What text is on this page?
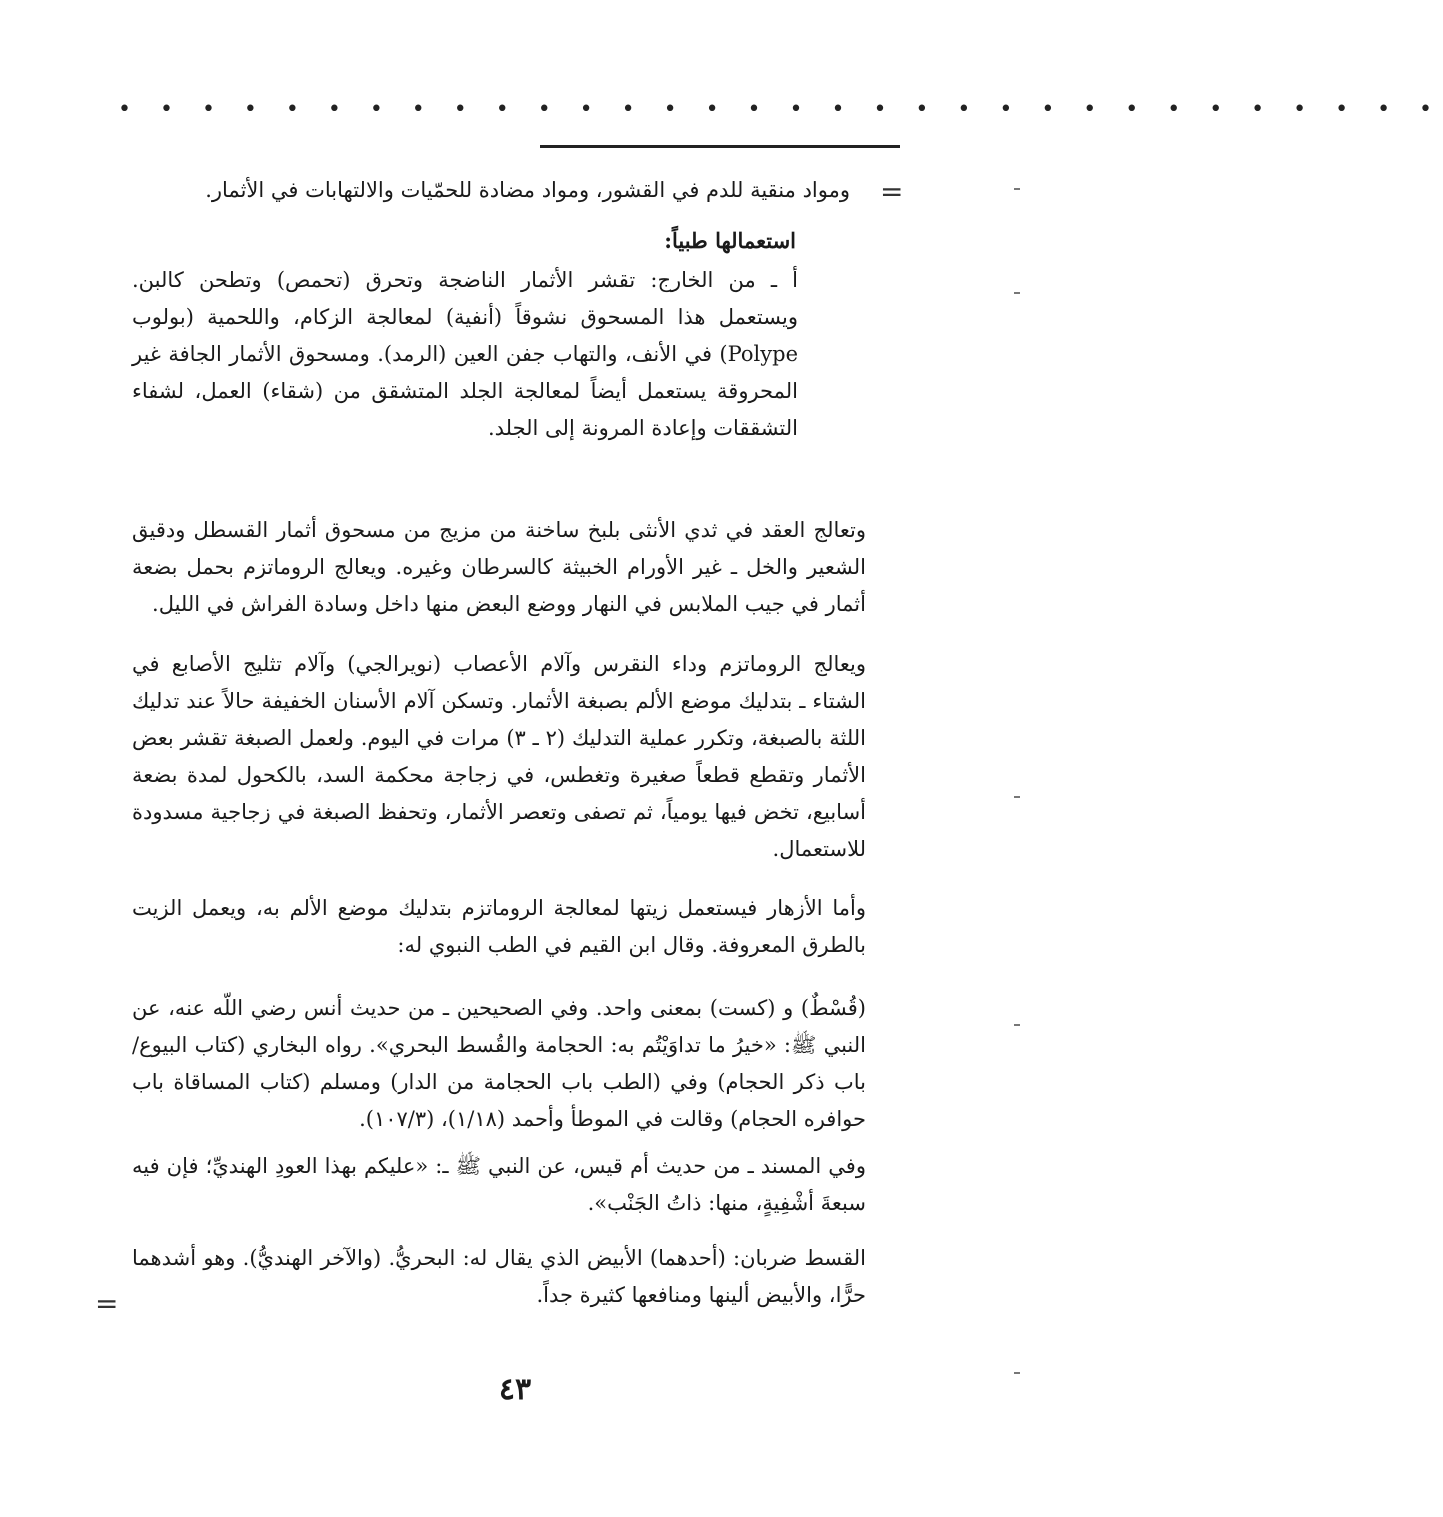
• • • • • • • • • • • • • • • • • • • • • • • • • • • • • • • •
=
=

ومواد منقية للدم في القشور، ومواد مضادة للحمّيات والالتهابات في الأثمار.

استعمالها طبياً:

أ ـ من الخارج: تقشر الأثمار الناضجة وتحرق (تحمص) وتطحن كالبن. ويستعمل هذا المسحوق نشوقاً (أنفية) لمعالجة الزكام، واللحمية (بولوب Polype) في الأنف، والتهاب جفن العين (الرمد). ومسحوق الأثمار الجافة غير المحروقة يستعمل أيضاً لمعالجة الجلد المتشقق من (شقاء) العمل، لشفاء التشققات وإعادة المرونة إلى الجلد.

وتعالج العقد في ثدي الأنثى بلبخ ساخنة من مزيج من مسحوق أثمار القسطل ودقيق الشعير والخل ـ غير الأورام الخبيثة كالسرطان وغيره. ويعالج الروماتزم بحمل بضعة أثمار في جيب الملابس في النهار ووضع البعض منها داخل وسادة الفراش في الليل.

ويعالج الروماتزم وداء النقرس وآلام الأعصاب (نويرالجي) وآلام تثليج الأصابع في الشتاء ـ بتدليك موضع الألم بصبغة الأثمار. وتسكن آلام الأسنان الخفيفة حالاً عند تدليك اللثة بالصبغة، وتكرر عملية التدليك (٢ ـ ٣) مرات في اليوم. ولعمل الصبغة تقشر بعض الأثمار وتقطع قطعاً صغيرة وتغطس، في زجاجة محكمة السد، بالكحول لمدة بضعة أسابيع، تخض فيها يومياً، ثم تصفى وتعصر الأثمار، وتحفظ الصبغة في زجاجية مسدودة للاستعمال.

وأما الأزهار فيستعمل زيتها لمعالجة الروماتزم بتدليك موضع الألم به، ويعمل الزيت بالطرق المعروفة. وقال ابن القيم في الطب النبوي له:

(قُسْطٌ) و (كست) بمعنى واحد. وفي الصحيحين ـ من حديث أنس رضي اللّه عنه، عن النبي ﷺ: «خيرُ ما تداوَيْتُم به: الحجامة والقُسط البحري». رواه البخاري (كتاب البيوع/ باب ذكر الحجام) وفي (الطب باب الحجامة من الدار) ومسلم (كتاب المساقاة باب حوافره الحجام) وقالت في الموطأ وأحمد (١/١٨)، (١٠٧/٣).

وفي المسند ـ من حديث أم قيس، عن النبي ﷺ ـ: «عليكم بهذا العودِ الهنديِّ؛ فإن فيه سبعةَ أشْفِيةٍ، منها: ذاتُ الجَنْب».

القسط ضربان: (أحدهما) الأبيض الذي يقال له: البحريُّ. (والآخر الهنديُّ). وهو أشدهما حرًّا، والأبيض ألينها ومنافعها كثيرة جداً.

٤٣
